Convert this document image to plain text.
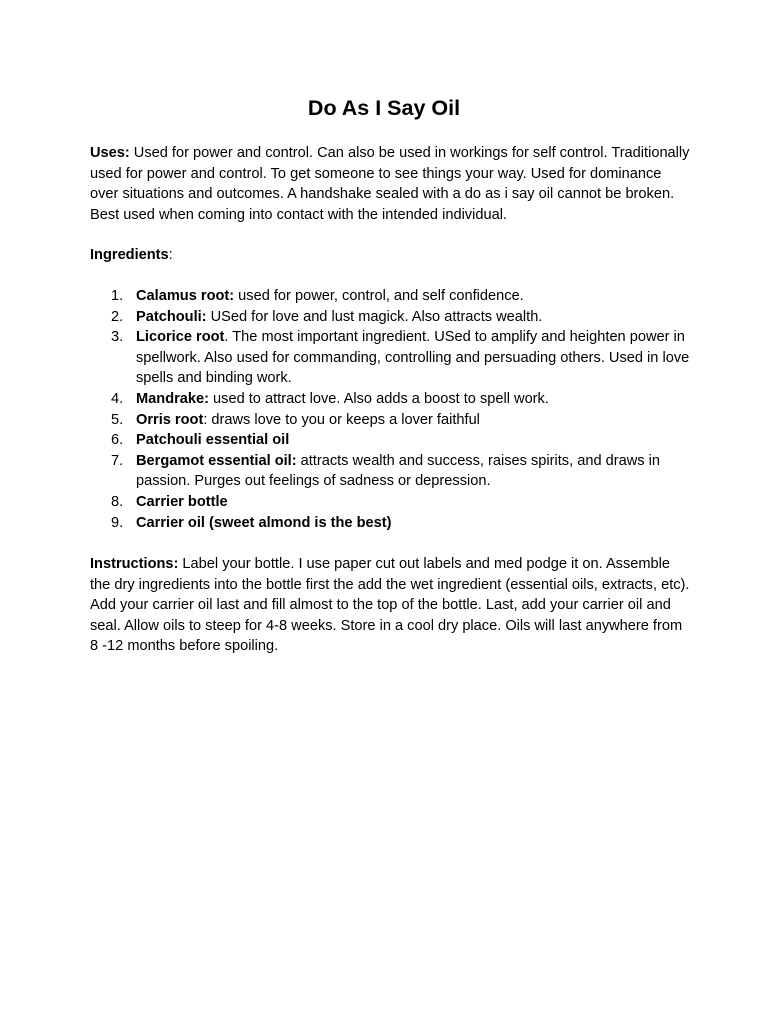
Do As I Say Oil

Uses: Used for power and control. Can also be used in workings for self control. Traditionally used for power and control. To get someone to see things your way. Used for dominance over situations and outcomes. A handshake sealed with a do as i say oil cannot be broken. Best used when coming into contact with the intended individual.

Ingredients:

1. Calamus root: used for power, control, and self confidence.
2. Patchouli: USed for love and lust magick. Also attracts wealth.
3. Licorice root. The most important ingredient. USed to amplify and heighten power in spellwork. Also used for commanding, controlling and persuading others. Used in love spells and binding work.
4. Mandrake: used to attract love. Also adds a boost to spell work.
5. Orris root: draws love to you or keeps a lover faithful
6. Patchouli essential oil
7. Bergamot essential oil: attracts wealth and success, raises spirits, and draws in passion. Purges out feelings of sadness or depression.
8. Carrier bottle
9. Carrier oil (sweet almond is the best)

Instructions: Label your bottle. I use paper cut out labels and med podge it on. Assemble the dry ingredients into the bottle first the add the wet ingredient (essential oils, extracts, etc). Add your carrier oil last and fill almost to the top of the bottle. Last, add your carrier oil and seal. Allow oils to steep for 4-8 weeks. Store in a cool dry place. Oils will last anywhere from 8 -12 months before spoiling.
